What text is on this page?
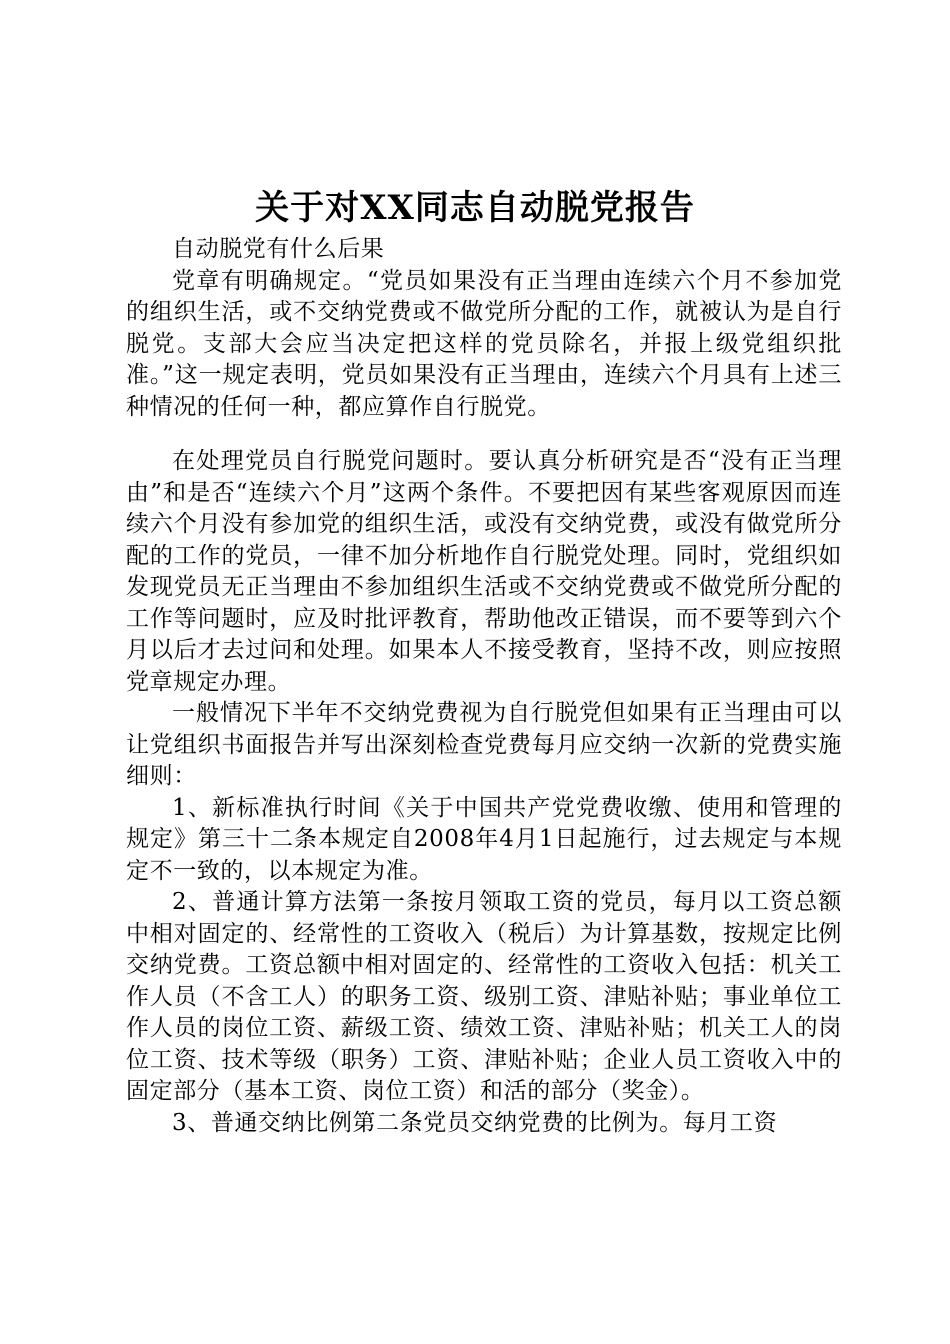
关于对XX同志自动脱党报告

自动脱党有什么后果

党章有明确规定。“党员如果没有正当理由连续六个月不参加党的组织生活，或不交纳党费或不做党所分配的工作，就被认为是自行脱党。支部大会应当决定把这样的党员除名，并报上级党组织批准。”这一规定表明，党员如果没有正当理由，连续六个月具有上述三种情况的任何一种，都应算作自行脱党。

在处理党员自行脱党问题时。要认真分析研究是否“没有正当理由”和是否“连续六个月”这两个条件。不要把因有某些客观原因而连续六个月没有参加党的组织生活，或没有交纳党费，或没有做党所分配的工作的党员，一律不加分析地作自行脱党处理。同时，党组织如发现党员无正当理由不参加组织生活或不交纳党费或不做党所分配的工作等问题时，应及时批评教育，帮助他改正错误，而不要等到六个月以后才去过问和处理。如果本人不接受教育，坚持不改，则应按照党章规定办理。

一般情况下半年不交纳党费视为自行脱党但如果有正当理由可以让党组织书面报告并写出深刻检查党费每月应交纳一次新的党费实施细则：

1、新标准执行时间《关于中国共产党党费收缴、使用和管理的规定》第三十二条本规定自2008年4月1日起施行，过去规定与本规定不一致的，以本规定为准。

2、普通计算方法第一条按月领取工资的党员，每月以工资总额中相对固定的、经常性的工资收入（税后）为计算基数，按规定比例交纳党费。工资总额中相对固定的、经常性的工资收入包括：机关工作人员（不含工人）的职务工资、级别工资、津贴补贴；事业单位工作人员的岗位工资、薪级工资、绩效工资、津贴补贴；机关工人的岗位工资、技术等级（职务）工资、津贴补贴；企业人员工资收入中的固定部分（基本工资、岗位工资）和活的部分（奖金）。

3、普通交纳比例第二条党员交纳党费的比例为。每月工资
